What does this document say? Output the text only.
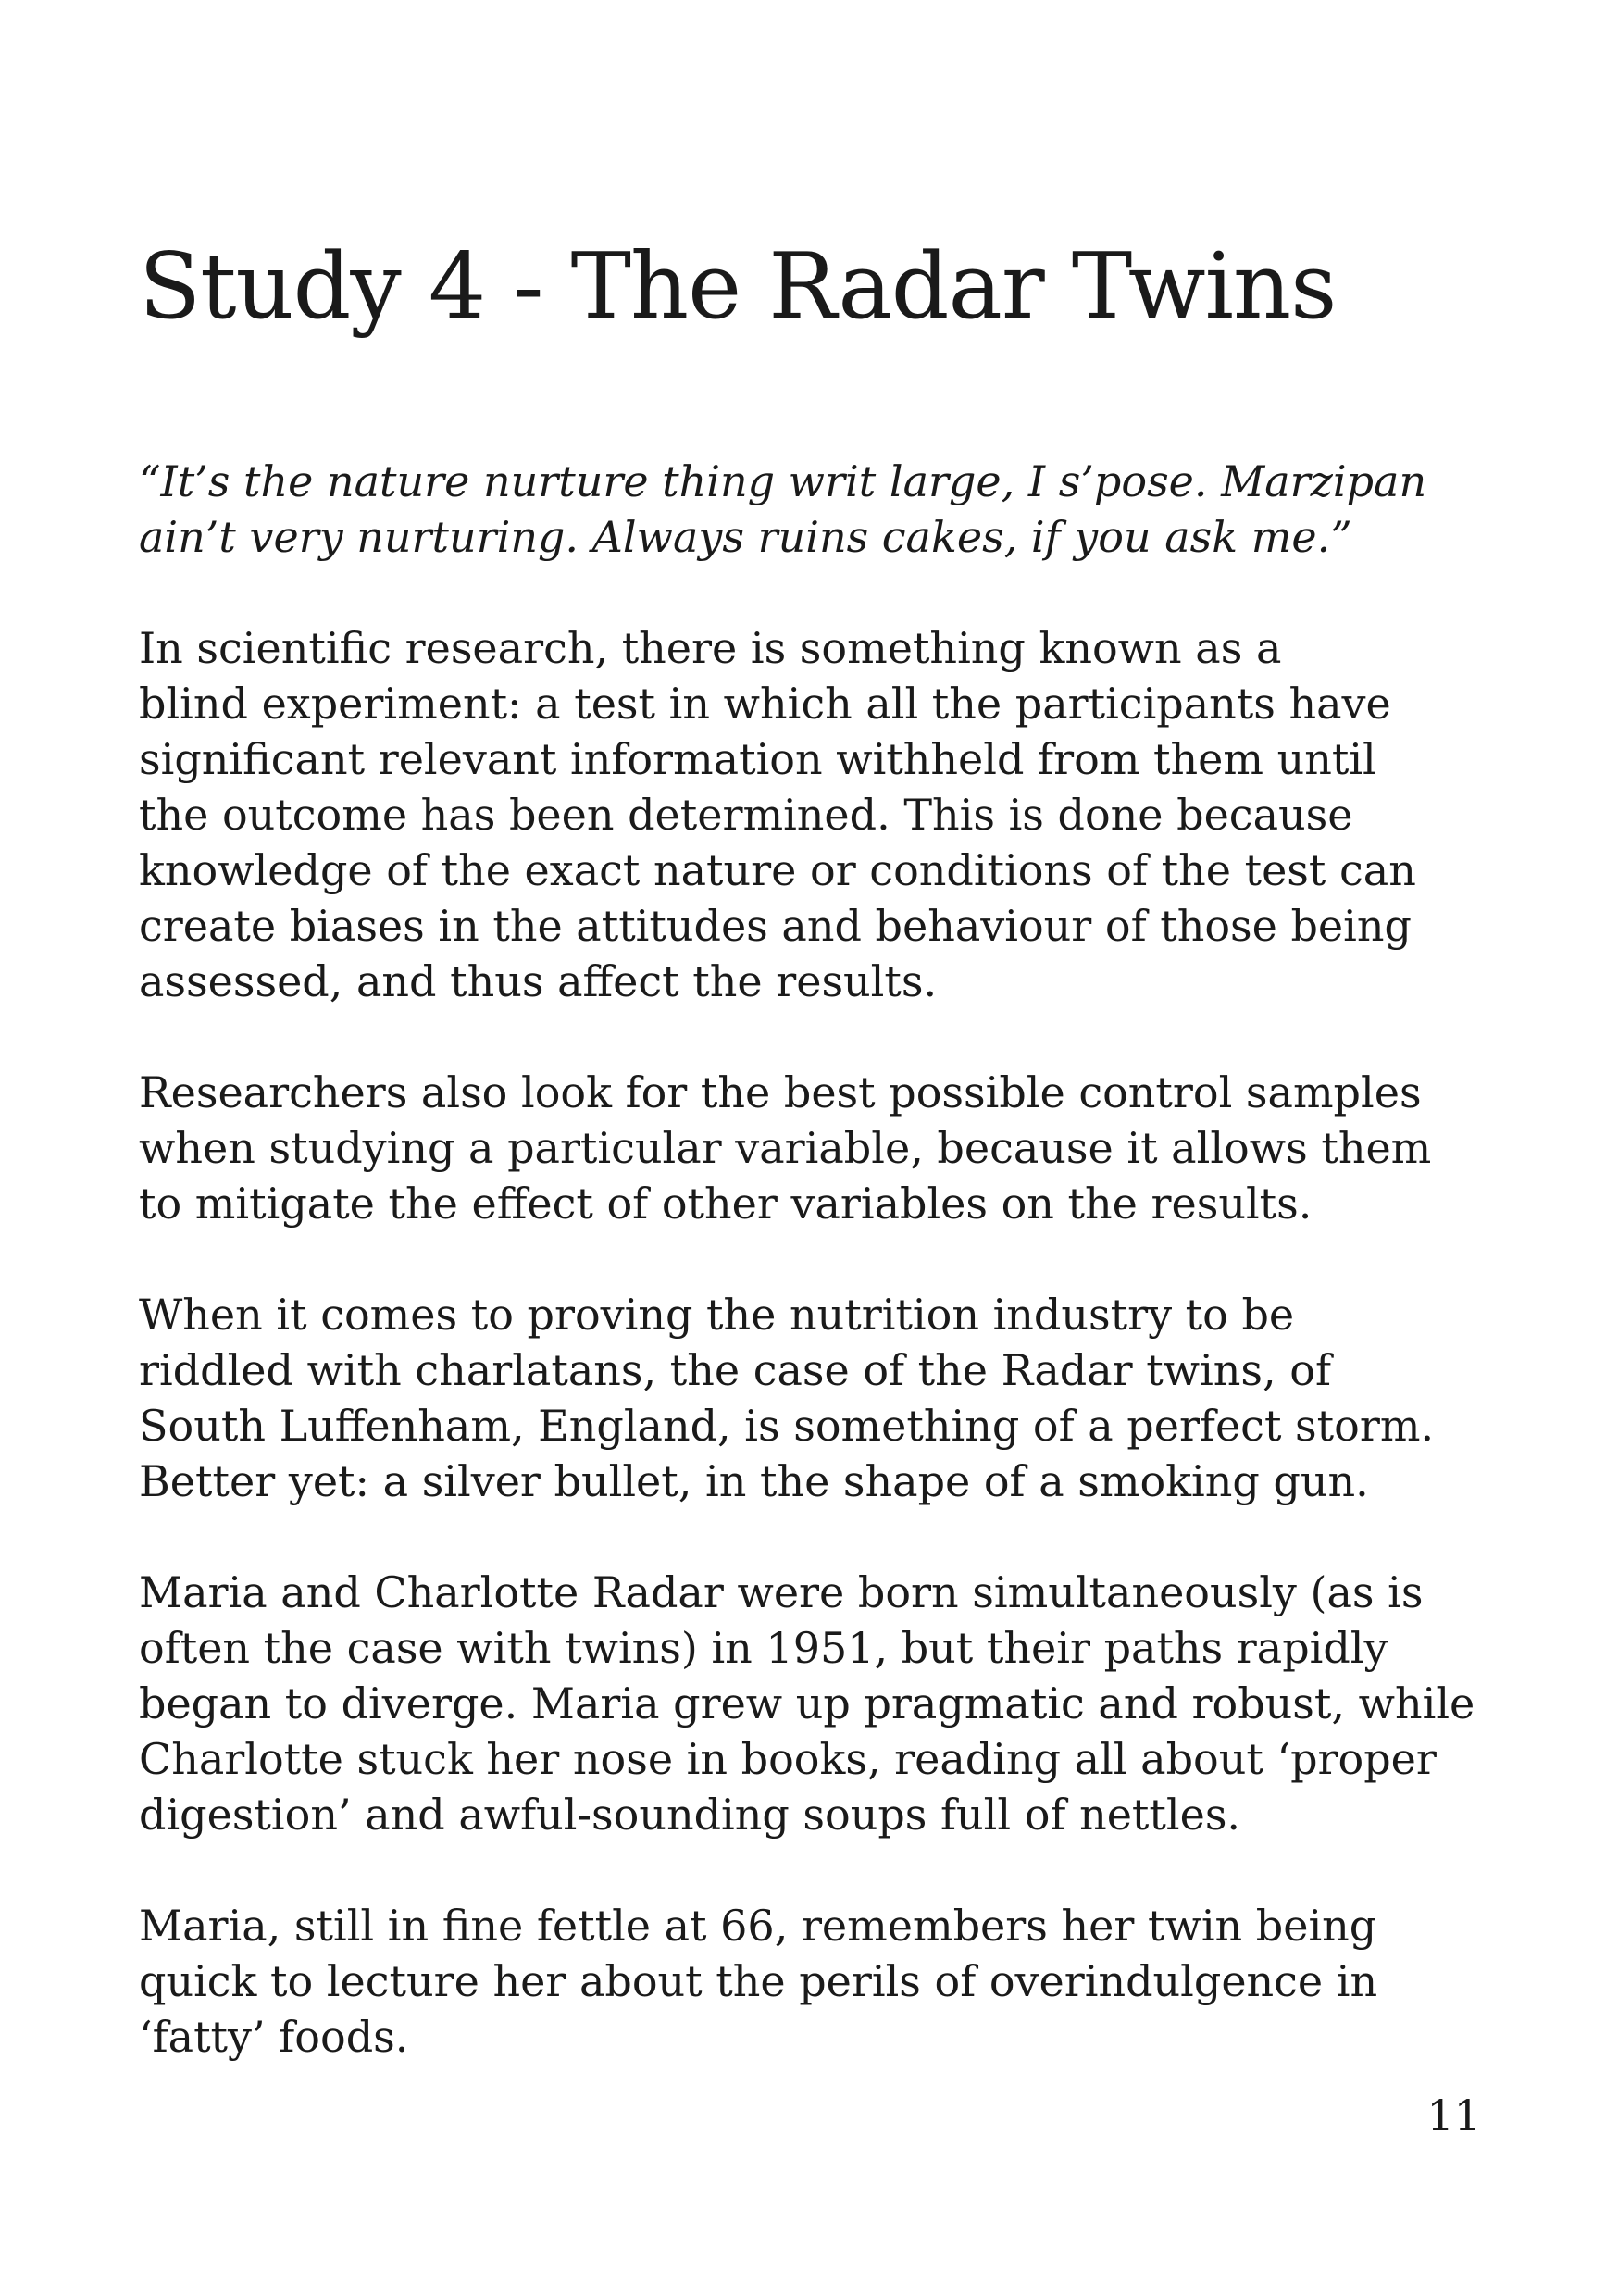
Study 4 - The Radar Twins

“It’s the nature nurture thing writ large, I s’pose. Marzipan
ain’t very nurturing. Always ruins cakes, if you ask me.”

In scientific research, there is something known as a
blind experiment: a test in which all the participants have
significant relevant information withheld from them until
the outcome has been determined. This is done because
knowledge of the exact nature or conditions of the test can
create biases in the attitudes and behaviour of those being
assessed, and thus affect the results.

Researchers also look for the best possible control samples
when studying a particular variable, because it allows them
to mitigate the effect of other variables on the results.

When it comes to proving the nutrition industry to be
riddled with charlatans, the case of the Radar twins, of
South Luffenham, England, is something of a perfect storm.
Better yet: a silver bullet, in the shape of a smoking gun.

Maria and Charlotte Radar were born simultaneously (as is
often the case with twins) in 1951, but their paths rapidly
began to diverge. Maria grew up pragmatic and robust, while
Charlotte stuck her nose in books, reading all about ‘proper
digestion’ and awful-sounding soups full of nettles.

Maria, still in fine fettle at 66, remembers her twin being
quick to lecture her about the perils of overindulgence in
‘fatty’ foods.

11
